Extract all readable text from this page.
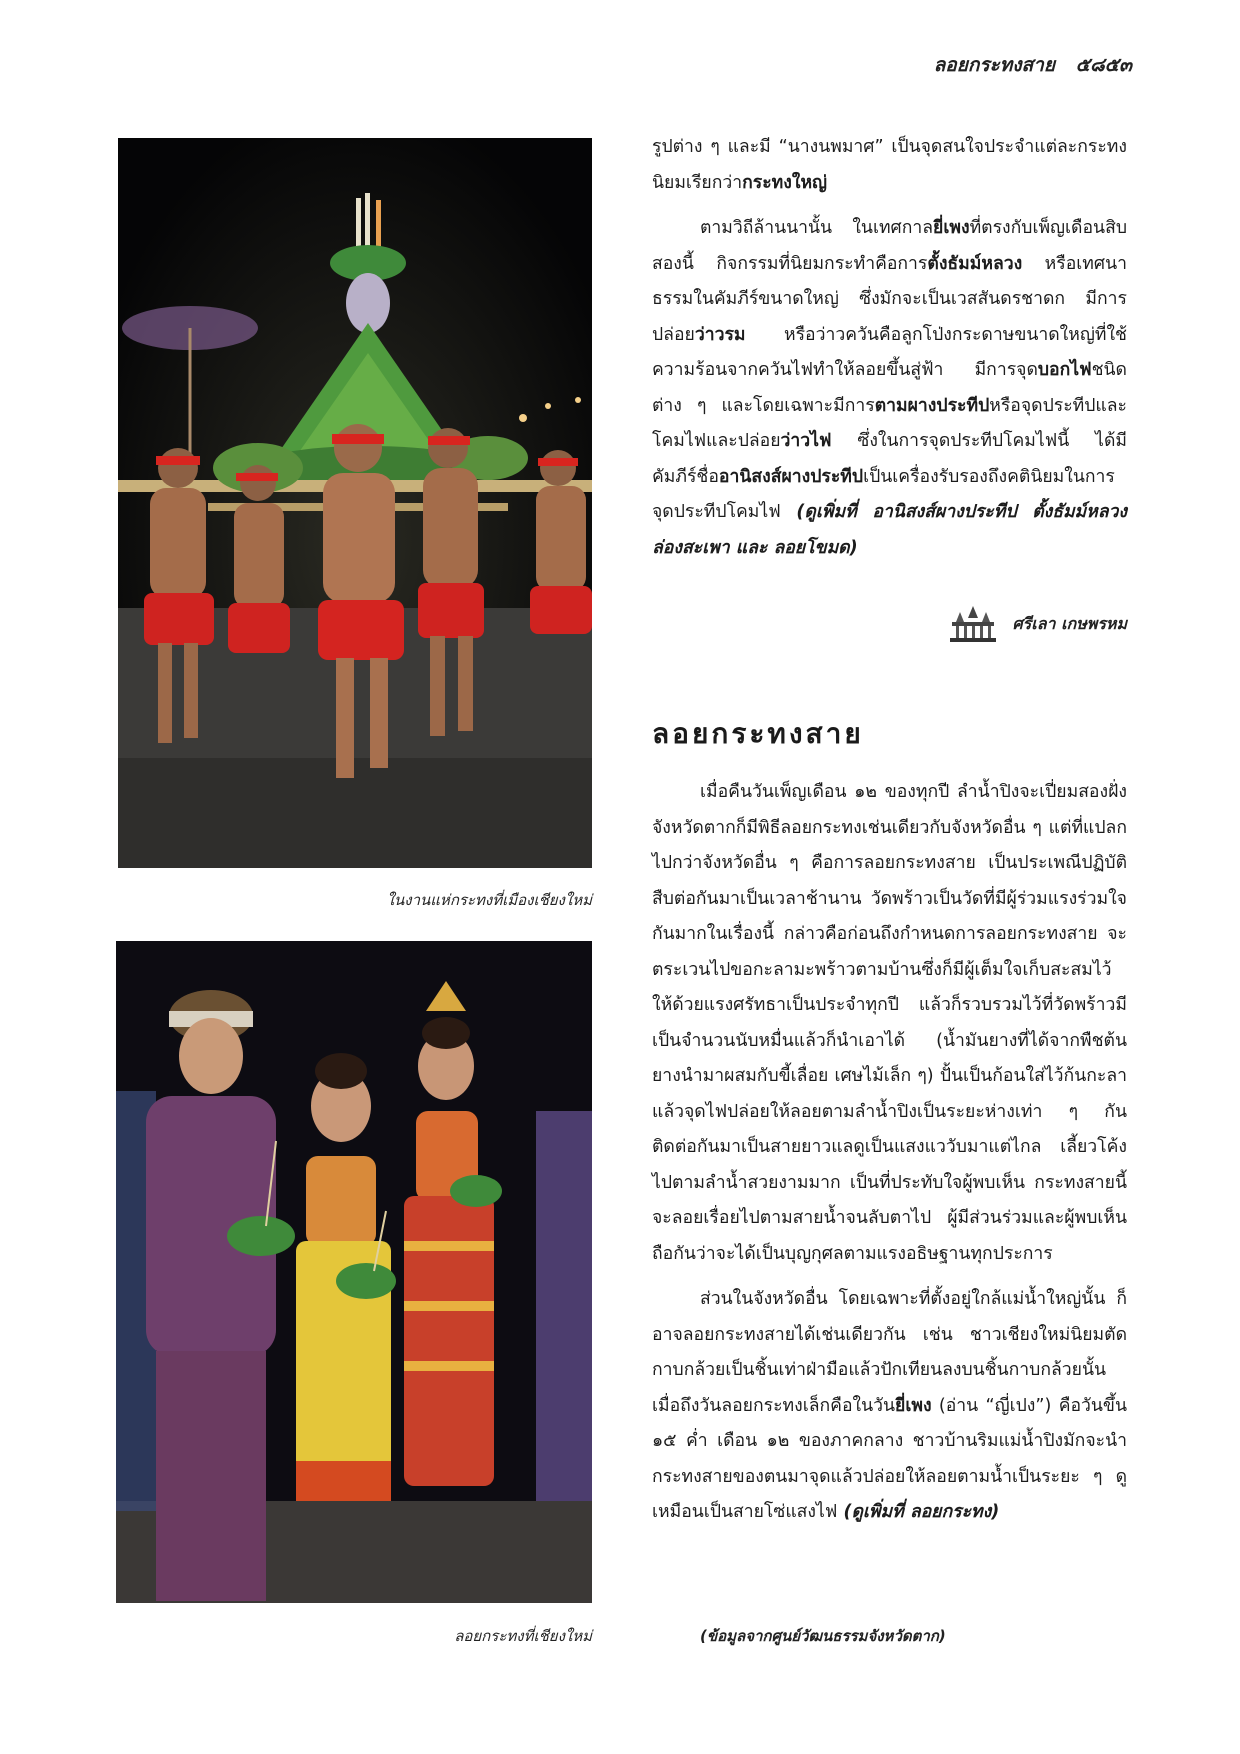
ลอยกระทงสาย ๕๘๕๓
ในงานแห่กระทงที่เมืองเชียงใหม่
ลอยกระทงที่เชียงใหม่

รูปต่าง ๆ และมี “นางนพมาศ” เป็นจุดสนใจประจำแต่ละกระทง นิยมเรียกว่ากระทงใหญ่

ตามวิถีล้านนานั้น ในเทศกาลยี่เพงที่ตรงกับเพ็ญเดือนสิบสองนี้ กิจกรรมที่นิยมกระทำคือการตั้งธัมม์หลวง หรือเทศนาธรรมในคัมภีร์ขนาดใหญ่ ซึ่งมักจะเป็นเวสสันดรชาดก มีการปล่อยว่าวรม หรือว่าวควันคือลูกโป่งกระดาษขนาดใหญ่ที่ใช้ความร้อนจากควันไฟทำให้ลอยขึ้นสู่ฟ้า มีการจุดบอกไฟชนิดต่าง ๆ และโดยเฉพาะมีการตามผางประทีปหรือจุดประทีปและโคมไฟและปล่อยว่าวไฟ ซึ่งในการจุดประทีปโคมไฟนี้ ได้มีคัมภีร์ชื่ออานิสงส์ผางประทีปเป็นเครื่องรับรองถึงคตินิยมในการจุดประทีปโคมไฟ (ดูเพิ่มที่ อานิสงส์ผางประทีป ตั้งธัมม์หลวง ล่องสะเพา และ ลอยโขมด)

ศรีเลา เกษพรหม
ลอยกระทงสาย

เมื่อคืนวันเพ็ญเดือน ๑๒ ของทุกปี ลำน้ำปิงจะเปี่ยมสองฝั่ง จังหวัดตากก็มีพิธีลอยกระทงเช่นเดียวกับจังหวัดอื่น ๆ แต่ที่แปลกไปกว่าจังหวัดอื่น ๆ คือการลอยกระทงสาย เป็นประเพณีปฏิบัติสืบต่อกันมาเป็นเวลาช้านาน วัดพร้าวเป็นวัดที่มีผู้ร่วมแรงร่วมใจกันมากในเรื่องนี้ กล่าวคือก่อนถึงกำหนดการลอยกระทงสาย จะตระเวนไปขอกะลามะพร้าวตามบ้านซึ่งก็มีผู้เต็มใจเก็บสะสมไว้ให้ด้วยแรงศรัทธาเป็นประจำทุกปี แล้วก็รวบรวมไว้ที่วัดพร้าวมีเป็นจำนวนนับหมื่นแล้วก็นำเอาได้ (น้ำมันยางที่ได้จากพืชต้นยางนำมาผสมกับขี้เลื่อย เศษไม้เล็ก ๆ) ปั้นเป็นก้อนใส่ไว้ก้นกะลาแล้วจุดไฟปล่อยให้ลอยตามลำน้ำปิงเป็นระยะห่างเท่า ๆ กัน ติดต่อกันมาเป็นสายยาวแลดูเป็นแสงแววับมาแต่ไกล เลี้ยวโค้งไปตามลำน้ำสวยงามมาก เป็นที่ประทับใจผู้พบเห็น กระทงสายนี้จะลอยเรื่อยไปตามสายน้ำจนลับตาไป ผู้มีส่วนร่วมและผู้พบเห็นถือกันว่าจะได้เป็นบุญกุศลตามแรงอธิษฐานทุกประการ

ส่วนในจังหวัดอื่น โดยเฉพาะที่ตั้งอยู่ใกล้แม่น้ำใหญ่นั้น ก็อาจลอยกระทงสายได้เช่นเดียวกัน เช่น ชาวเชียงใหม่นิยมตัดกาบกล้วยเป็นชิ้นเท่าฝ่ามือแล้วปักเทียนลงบนชิ้นกาบกล้วยนั้น เมื่อถึงวันลอยกระทงเล็กคือในวันยี่เพง (อ่าน “ญี่เปง”) คือวันขึ้น ๑๕ ค่ำ เดือน ๑๒ ของภาคกลาง ชาวบ้านริมแม่น้ำปิงมักจะนำกระทงสายของตนมาจุดแล้วปล่อยให้ลอยตามน้ำเป็นระยะ ๆ ดูเหมือนเป็นสายโซ่แสงไฟ (ดูเพิ่มที่ ลอยกระทง)

(ข้อมูลจากศูนย์วัฒนธรรมจังหวัดตาก)
